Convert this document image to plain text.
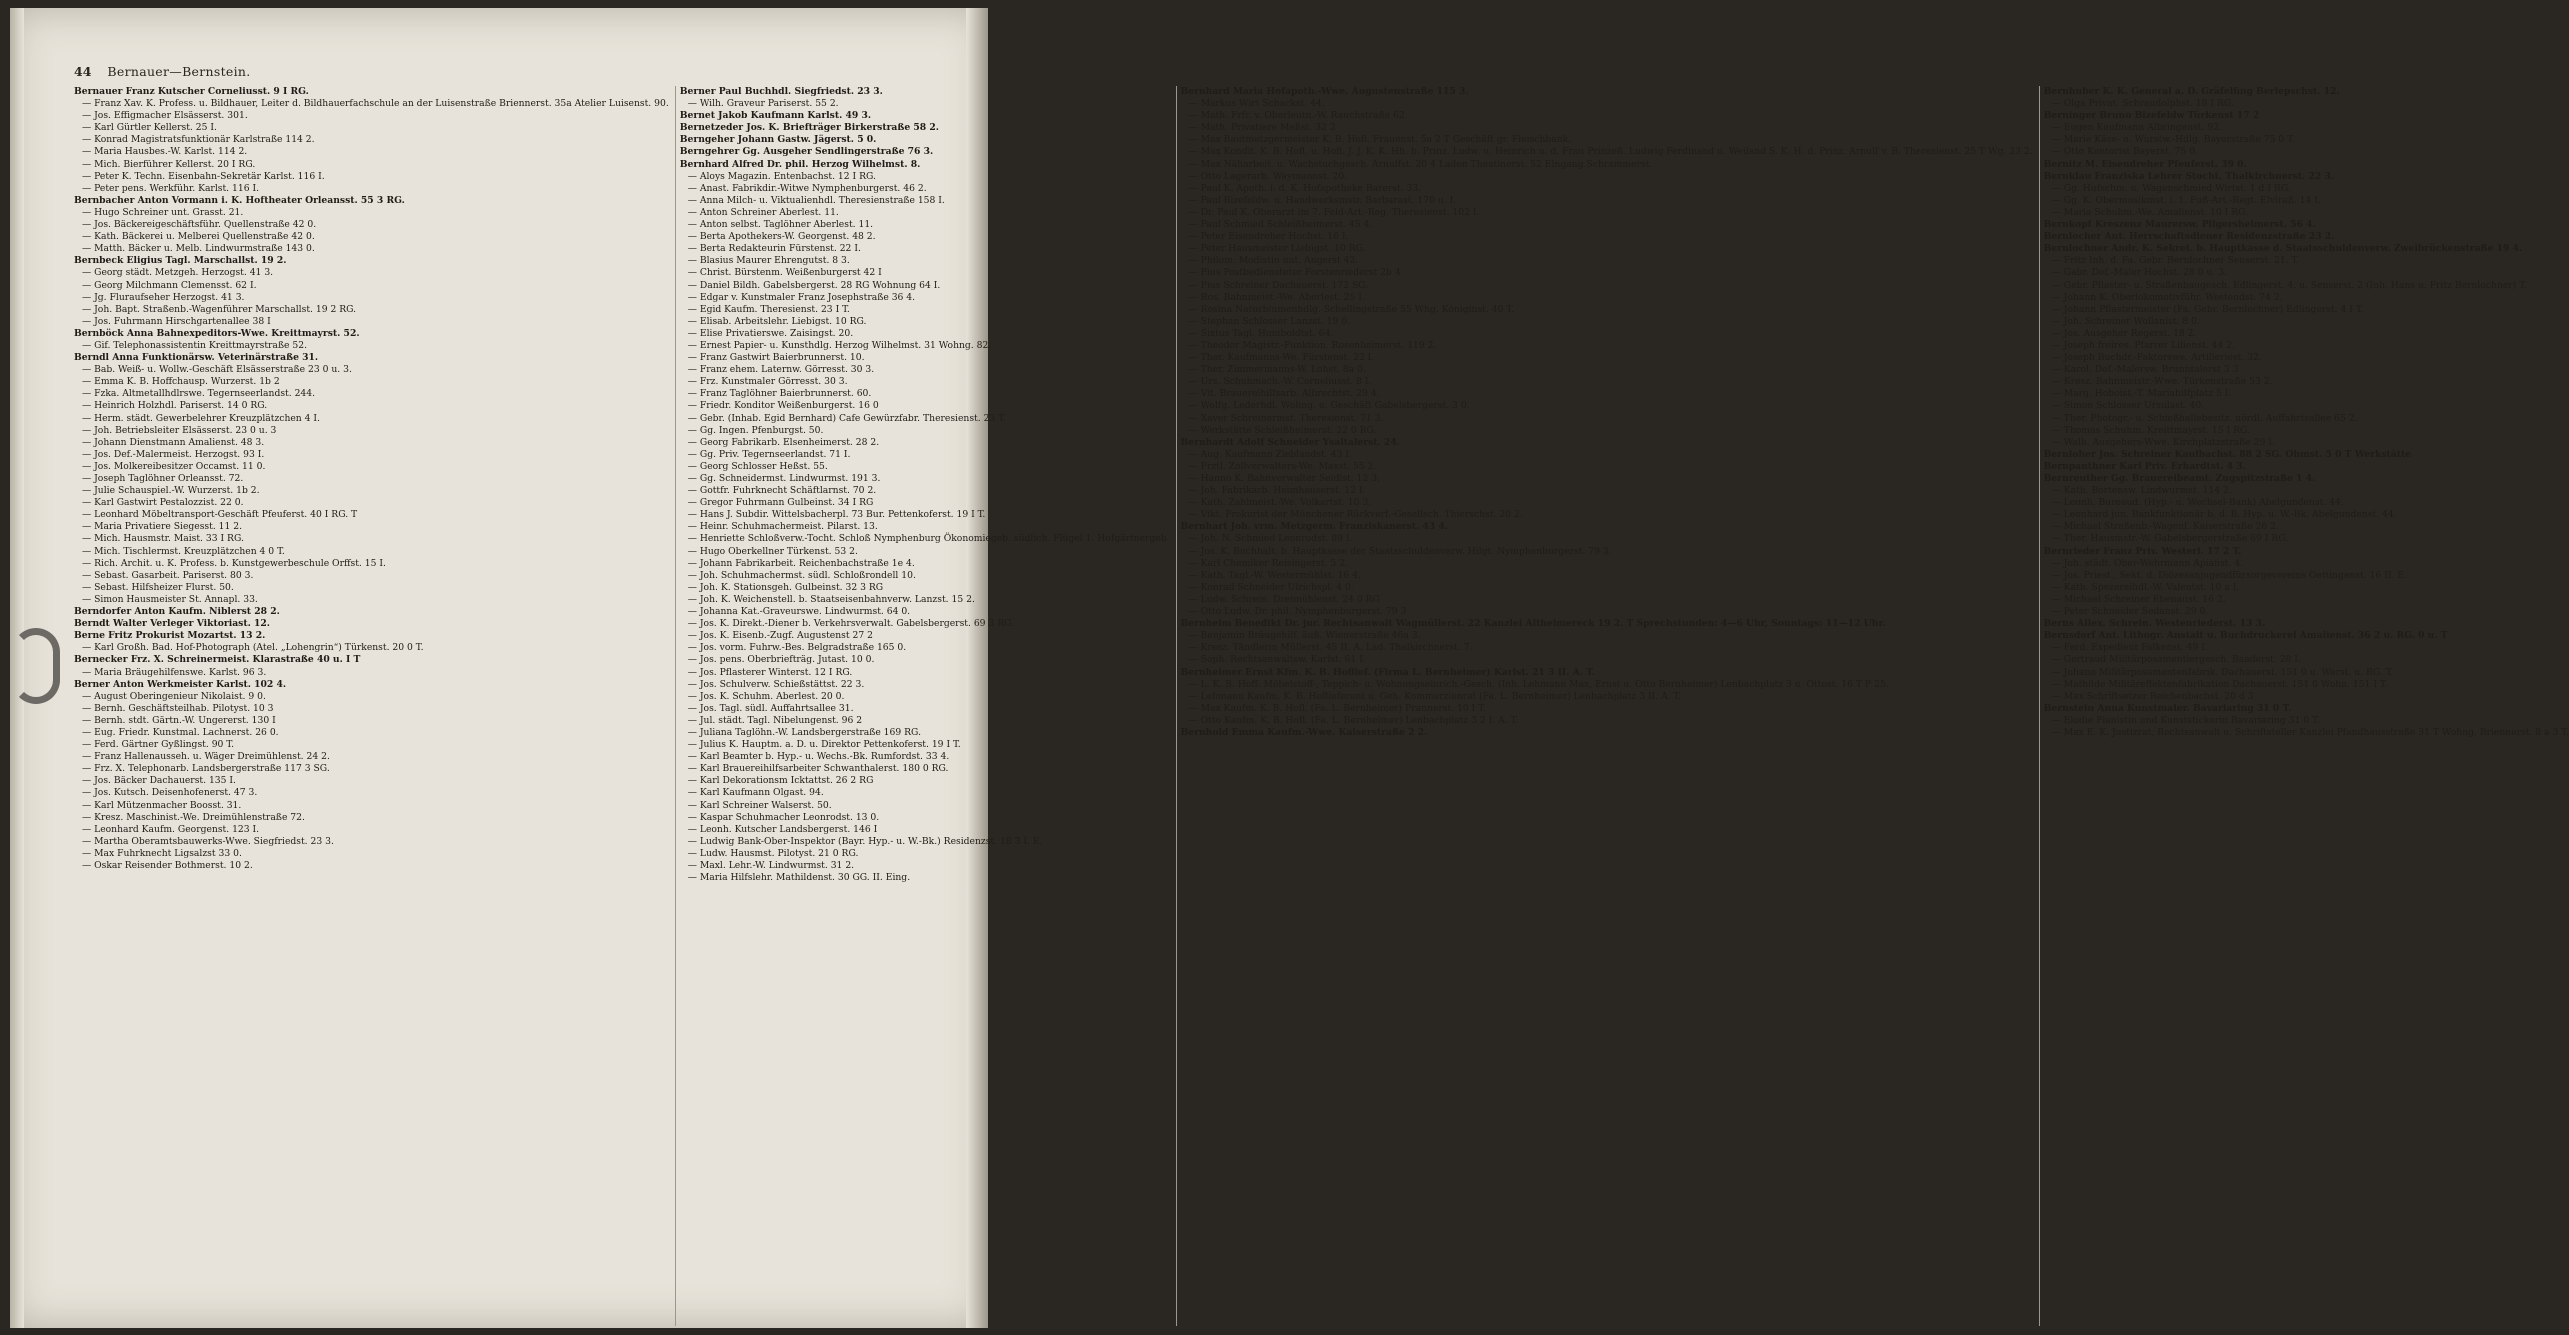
44 Bernauer—Bernstein.
Bernauer Franz Kutscher Corneliusst. 9 I RG.
— Franz Xav. K. Profess. u. Bildhauer, Leiter d. Bildhauerfachschule an der Luisenstraße Briennerst. 35a Atelier Luisenst. 90.
— Jos. Effigmacher Elsässerst. 301.
— Karl Gürtler Kellerst. 25 I.
— Konrad Magistratsfunktionär Karlstraße 114 2.
— Maria Hausbes.-W. Karlst. 114 2.
— Mich. Bierführer Kellerst. 20 I RG.
— Peter K. Techn. Eisenbahn-Sekretär Karlst. 116 I.
— Peter pens. Werkführ. Karlst. 116 I.
Bernbacher Anton Vormann i. K. Hoftheater Orleansst. 55 3 RG.
— Hugo Schreiner unt. Grasst. 21.
— Jos. Bäckereigeschäftsführ. Quellenstraße 42 0.
— Kath. Bäckerei u. Melberei Quellenstraße 42 0.
— Matth. Bäcker u. Melb. Lindwurmstraße 143 0.
Bernbeck Eligius Tagl. Marschallst. 19 2.
— Georg städt. Metzgeh. Herzogst. 41 3.
— Georg Milchmann Clemensst. 62 I.
— Jg. Fluraufseher Herzogst. 41 3.
— Joh. Bapt. Straßenb.-Wagenführer Marschallst. 19 2 RG.
— Jos. Fuhrmann Hirschgartenallee 38 I
Bernböck Anna Bahnexpeditors-Wwe. Kreittmayrst. 52.
— Gif. Telephonassistentin Kreittmayrstraße 52.
Berndl Anna Funktionärsw. Veterinärstraße 31.
— Bab. Weiß- u. Wollw.-Geschäft Elsässerstraße 23 0 u. 3.
— Emma K. B. Hoffchausp. Wurzerst. 1b 2
— Fzka. Altmetallhdlrswe. Tegernseerlandst. 244.
— Heinrich Holzhdl. Pariserst. 14 0 RG.
— Herm. städt. Gewerbelehrer Kreuzplätzchen 4 I.
— Joh. Betriebsleiter Elsässerst. 23 0 u. 3
— Johann Dienstmann Amalienst. 48 3.
— Jos. Def.-Malermeist. Herzogst. 93 I.
— Jos. Molkereibesitzer Occamst. 11 0.
— Joseph Taglöhner Orleansst. 72.
— Julie Schauspiel.-W. Wurzerst. 1b 2.
— Karl Gastwirt Pestalozzist. 22 0.
— Leonhard Möbeltransport-Geschäft Pfeuferst. 40 I RG. T
— Maria Privatiere Siegesst. 11 2.
— Mich. Hausmstr. Maist. 33 I RG.
— Mich. Tischlermst. Kreuzplätzchen 4 0 T.
— Rich. Archit. u. K. Profess. b. Kunstgewerbeschule Orffst. 15 I.
— Sebast. Gasarbeit. Pariserst. 80 3.
— Sebast. Hilfsheizer Flurst. 50.
— Simon Hausmeister St. Annapl. 33.
Berndorfer Anton Kaufm. Niblerst 28 2.
Berndt Walter Verleger Viktoriast. 12.
Berne Fritz Prokurist Mozartst. 13 2.
— Karl Großh. Bad. Hof-Photograph (Atel. „Lohengrin“) Türkenst. 20 0 T.
Bernecker Frz. X. Schreinermeist. Klarastraße 40 u. I T
— Maria Bräugehilfenswe. Karlst. 96 3.
Berner Anton Werkmeister Karlst. 102 4.
— August Oberingenieur Nikolaist. 9 0.
— Bernh. Geschäftsteilhab. Pilotyst. 10 3
— Bernh. stdt. Gärtn.-W. Ungererst. 130 I
— Eug. Friedr. Kunstmal. Lachnerst. 26 0.
— Ferd. Gärtner Gyßlingst. 90 T.
— Franz Hallenausseh. u. Wäger Dreimühlenst. 24 2.
— Frz. X. Telephonarb. Landsbergerstraße 117 3 SG.
— Jos. Bäcker Dachauerst. 135 I.
— Jos. Kutsch. Deisenhofenerst. 47 3.
— Karl Mützenmacher Boosst. 31.
— Kresz. Maschinist.-We. Dreimühlenstraße 72.
— Leonhard Kaufm. Georgenst. 123 I.
— Martha Oberamtsbauwerks-Wwe. Siegfriedst. 23 3.
— Max Fuhrknecht Ligsalzst 33 0.
— Oskar Reisender Bothmerst. 10 2.
Berner Paul Buchhdl. Siegfriedst. 23 3.
— Wilh. Graveur Pariserst. 55 2.
Bernet Jakob Kaufmann Karlst. 49 3.
Bernetzeder Jos. K. Briefträger Birkerstraße 58 2.
Berngeher Johann Gastw. Jägerst. 5 0.
Berngehrer Gg. Ausgeher Sendlingerstraße 76 3.
Bernhard Alfred Dr. phil. Herzog Wilhelmst. 8.
— Aloys Magazin. Entenbachst. 12 I RG.
— Anast. Fabrikdir.-Witwe Nymphenburgerst. 46 2.
— Anna Milch- u. Viktualienhdl. Theresienstraße 158 I.
— Anton Schreiner Aberlest. 11.
— Anton selbst. Taglöhner Aberlest. 11.
— Berta Apothekers-W. Georgenst. 48 2.
— Berta Redakteurin Fürstenst. 22 I.
— Blasius Maurer Ehrengutst. 8 3.
— Christ. Bürstenm. Weißenburgerst 42 I
— Daniel Bildh. Gabelsbergerst. 28 RG Wohnung 64 I.
— Edgar v. Kunstmaler Franz Josephstraße 36 4.
— Egid Kaufm. Theresienst. 23 I T.
— Elisab. Arbeitslehr. Liebigst. 10 RG.
— Elise Privatierswe. Zaisingst. 20.
— Ernest Papier- u. Kunsthdlg. Herzog Wilhelmst. 31 Wohng. 82.
— Franz Gastwirt Baierbrunnerst. 10.
— Franz ehem. Laternw. Görresst. 30 3.
— Frz. Kunstmaler Görresst. 30 3.
— Franz Taglöhner Baierbrunnerst. 60.
— Friedr. Konditor Weißenburgerst. 16 0
— Gebr. (Inhab. Egid Bernhard) Cafe Gewürzfabr. Theresienst. 23 T.
— Gg. Ingen. Pfenburgst. 50.
— Georg Fabrikarb. Elsenheimerst. 28 2.
— Gg. Priv. Tegernseerlandst. 71 I.
— Georg Schlosser Heßst. 55.
— Gg. Schneidermst. Lindwurmst. 191 3.
— Gottfr. Fuhrknecht Schäftlarnst. 70 2.
— Gregor Fuhrmann Gulbeinst. 34 I RG
— Hans J. Subdir. Wittelsbacherpl. 73 Bur. Pettenkoferst. 19 I T.
— Heinr. Schuhmachermeist. Pilarst. 13.
— Henriette Schloßverw.-Tocht. Schloß Nymphenburg Ökonomiegeb. südlich. Flügel 1. Hofgärtnergeb.
— Hugo Oberkellner Türkenst. 53 2.
— Johann Fabrikarbeit. Reichenbachstraße 1e 4.
— Joh. Schuhmachermst. südl. Schloßrondell 10.
— Joh. K. Stationsgeh. Gulbeinst. 32 3 RG
— Joh. K. Weichenstell. b. Staatseisenbahnverw. Lanzst. 15 2.
— Johanna Kat.-Graveurswe. Lindwurmst. 64 0.
— Jos. K. Direkt.-Diener b. Verkehrsverwalt. Gabelsbergerst. 69 3 RG.
— Jos. K. Eisenb.-Zugf. Augustenst 27 2
— Jos. vorm. Fuhrw.-Bes. Belgradstraße 165 0.
— Jos. pens. Oberbriefträg. Jutast. 10 0.
— Jos. Pflasterer Winterst. 12 I RG.
— Jos. Schulverw. Schießstättst. 22 3.
— Jos. K. Schuhm. Aberlest. 20 0.
— Jos. Tagl. südl. Auffahrtsallee 31.
— Jul. städt. Tagl. Nibelungenst. 96 2
— Juliana Taglöhn.-W. Landsbergerstraße 169 RG.
— Julius K. Hauptm. a. D. u. Direktor Pettenkoferst. 19 I T.
— Karl Beamter b. Hyp.- u. Wechs.-Bk. Rumfordst. 33 4.
— Karl Brauereihilfsarbeiter Schwanthalerst. 180 0 RG.
— Karl Dekorationsm Icktattst. 26 2 RG
— Karl Kaufmann Olgast. 94.
— Karl Schreiner Walserst. 50.
— Kaspar Schuhmacher Leonrodst. 13 0.
— Leonh. Kutscher Landsbergerst. 146 I
— Ludwig Bank-Ober-Inspektor (Bayr. Hyp.- u. W.-Bk.) Residenzst. 18 3 I. E.
— Ludw. Hausmst. Pilotyst. 21 0 RG.
— Maxl. Lehr.-W. Lindwurmst. 31 2.
— Maria Hilfslehr. Mathildenst. 30 GG. II. Eing.
Bernhard Maria Hofapoth.-Wwe. Augustenstraße 115 3.
— Markus Wirt Schackst. 44.
— Math. Frfr. v. Oberleutn.-W. Rauchstraße 62.
— Math. Privatiere Meßst. 32 2
— Max Bautmetzgermeister K. B. Hofl. Frauenst. 5a 2 T Geschäft gr. Fleischbank.
— Max Kondit. K. B. Hofl. u. Hofl. J. J. K. K. Hh. b. Prinz. Ludw. u. Heinrich u. d. Frau Prinzeß. Ludwig Ferdinand u. Weiland S. K. H. d. Prinz. Arnulf v. B. Theresienst. 25 T Wg. 23 2.
— Max Näharbeit. u. Wachstuchgesch. Arnulfst. 20 4 Laden Theatinerst. 52 Eingang Schrammerst.
— Otto Lagerarb. Waymannst. 20.
— Paul K. Apoth. i. d. K. Hofapotheke Barerst. 33.
— Paul Bizefeldw. u. Handwerksmstr. Barbarast. 170 u. I.
— Dr. Paul K. Oberarzt im 7. Feld-Art.-Reg. Theresienst. 102 I.
— Paul Schmied Schleißheimerst. 45 4.
— Peter Eisendreher Hochst. 16 I.
— Peter Hausmeister Liebigst. 10 RG.
— Philom. Modistin unt. Angerst 42.
— Pius Postbediensteter Forstenriederst 2b 4
— Pius Schreiner Dachauerst. 172 SG.
— Ros. Bahnmeist.-We. Aberlest. 25 I.
— Rosina Naturblumenhdlg. Schellingstraße 55 Whg. Königinst. 40 T.
— Stephan Schlosser Lanzst. 19 0.
— Sixtus Tagl. Humboldtst. 64.
— Theodor Magistr.-Funktion. Rosenheimerst. 119 2.
— Ther. Kaufmanns-We. Fürstenst. 22 I.
— Ther. Zimmermanns-W. Lohst. 8a 0.
— Urs. Schuhmach.-W. Corneliusst. 8 I.
— Vit. Brauereihilfsarb. Albrechtst. 29 4.
— Wolfg. Lederhdl. Wohng. u. Geschäft Gabelsbergerst. 3 0.
— Xaver Schreinermst. Theresienst. 71 3.
— Werkstätte Schleißheimerst. 22 0 RG.
Bernhardt Adolf Schneider Ysaltalerst. 24.
— Aug. Kaufmann Zieblandst. 43 I.
— Frztl. Zollverwalters-We. Maxst. 55 2.
— Hanno K. Bahnverwalter Seidlst. 12 3.
— Joh. Fabrikarb. Heimhauserst. 12 I.
— Kath. Zahlmeist.-We. Volkartst. 10 3.
— Vikt. Prokurist der Münchener Rückverf.-Gesellsch. Thierschst. 20 2.
Bernhart Joh. vrm. Metzgerm. Franziskanerst. 43 4.
— Joh. N. Schmied Leonrodst. 89 I.
— Jos. K. Buchhalt. b. Hauptkasse der Staatsschuldenverw. Hilgt. Nymphenburgerst. 79 3.
— Karl Chemiker Reisingerst. 5 2.
— Kath. Tagl.-W. Westermühlst. 16 4.
— Konrad Schneider Ulrichspl. 4 0.
— Ludw. Schrein. Dreimühlenst. 24 0 RG
— Otto Ludw. Dr. phil. Nymphenburgerst. 79 3
Bernheim Benedikt Dr. jur. Rechtsanwalt Wagmüllerst. 22 Kanzlei Altheimereck 19 2. T Sprechstunden: 4—6 Uhr, Sonntags: 11—12 Uhr.
— Benjamin Bräugehilf. äuß. Wienerstraße 46a 3.
— Kresz. Tändlerin Müllerst. 45 II. A. Lad. Thalkirchnerst. 7.
— Soph. Rechtsanwaltsw. Karlst. 61 I.
Bernheimer Ernst Kfm. K. B. Hoflief. (Firma L. Bernheimer) Karlst. 21 3 II. A. T.
— L. K. B. Hoff. Möbelstoff-, Teppich- u. Wohnungseinrich.-Gesch. (Inh. Lehmann Max, Ernst u. Otto Bernheimer) Lenbachplatz 3 u. Ottost. 16 T P 25.
— Lehmann Kaufm. K. B. Hoflieferant u. Geh. Kommerzienrat (Fa. L. Bernheimer) Lenbachplatz 3 II. A. T.
— Max Kaufm. K. B. Hofl. (Fa. L. Bernheimer) Prannerst. 10 I T.
— Otto Kaufm. K. B. Hofl. (Fa. L. Bernheimer) Lenbachplatz 3 2 I. A. T.
Bernhold Emma Kaufm.-Wwe. Kaiserstraße 2 2.
Bernhuber K. K. General a. D. Gräfelfing Berlepschst. 12.
— Olga Privat. Schraudolphst. 18 I RG.
Berninger Bruno Bizefeldw Türkenst 17 2
— Eugen Kaufmann Albringenst. 92.
— Marie Käse- u. Wurstw.-Hdlg. Bayerstraße 75 0 T.
— Otto Kontorist Bayerst. 75 0.
Bernitz M. Eisendreher Pfeuferst. 39 0.
Bernklau Franziska Lehrer Stocht. Thalkirchnerst. 22 3.
— Gg. Hufschm. u. Wagenschmied Wirtst. 1 d I RG.
— Gg. K. Obermusikmst. i. 1. Fuß-Art.-Regt. Elviraß. 14 I.
— Maria Schuhm.-We. Amalienst. 10 I RG.
Bernkopf Kreszenz Maurersw. Pilgersheimerst. 56 4.
Bernlocher Ant. Herrschaftsdiener Residenzstraße 23 2.
Bernlochner Andr. K. Sekret. b. Hauptkasse d. Staatsschuldenverw. Zweibrückenstraße 19 4.
— Fritz Inh. d. Fa. Gebr. Bernlochner Senserst. 21. T.
— Gabr. Def.-Maler Hochst. 28 0 u. 3.
— Gebr. Pflaster- u. Straßenbaugesch. Edlingerst. 4. u. Senserst. 2 (Inh. Hans u. Fritz Bernlochner) T.
— Johann K. Oberlokomotivführ. Westendst. 74 2.
— Johann Pflastermeister (Fa. Gebr. Bernlochner) Edlingerst. 4 I T.
— Joh. Schreiner Wollanist. 8 0.
— Jos. Ausgeher Regerst. 18 2.
— Joseph freires. Pfarrer Lilienst. 44 2.
— Joseph Buchdr.-Faktorswe. Artilleriest. 32.
— Karol. Def.-Malersw. Brunntalerst 3 3
— Kresz. Bahnmeistr.-Wwe. Türkenstraße 53 2.
— Marg. Hoboist.-T. Mariahilfplatz 5 I.
— Simon Schlosser Ursulast. 40.
— Ther. Photogr.- u. Schießhallebesitz. nördl. Auffahrtsallee 65 2.
— Thomas Schuhm. Kreittmayrst. 15 I RG.
— Walb. Ausgehers-Wwe. Kirchplatzstraße 29 I.
Bernloher Jos. Schreiner Kaulbachst. 88 2 SG. Ohmst. 5 0 T Werkstätte
Bernpanthner Karl Priv. Erhardtst. 4 3.
Bernreuther Gg. Brauereibeamt. Zugspitzstraße 1 4.
— Kath. Bortensw. Lindwurmst. 114 2.
— Leonh. Bureaud. (Hyp.- u. Wechsel-Bank) Abelgundenst. 44.
— Leonhard jun. Bankfunktionär b. d. B. Hyp. u. W.-Bk. Abelgundenst. 44.
— Michael Straßenb.-Wagenf. Kaiserstraße 26 2.
— Ther. Hausmstr.-W. Gabelsbergerstraße 69 I RG.
Bernrieder Franz Priv. Westerl. 17 2 T.
— Joh. städt. Ober-Wehrmann Apianst. 4.
— Jos. Priest., Sekt. d. Diözesanjugendfürsorgevereins Oettingenst. 16 II. E.
— Kath. Spezereihdl.-W. Valentst. 10 a I.
— Michael Schreiner Ebenaust. 16 2.
— Peter Schneider Sedanst. 29 0.
Berns Allex. Schrein. Westenriederst. 13 3.
Bernsdorf Ant. Lithogr. Anstalt u. Buchdruckerei Amalienst. 36 2 u. RG. 0 u. T
— Ferd. Expedient Falkenst. 49 I.
— Gertraud Militärposamentiergesch. Baaderst. 28 I.
— Johann Militärposamentenfabrik. Dachauerst. 151 0 u. Werst. u. RG. T.
— Mathilde Militäreffektenfabrikation Dachauerst. 151 0 Wohn. 151 I T.
— Max Schriftsetzer Reichenbachst. 20 d 3
Bernstein Anna Kunstmaler. Bavariaring 31 0 T.
— Elodie Pianistin und Kunststickerin Bavariaring 31 0 T.
— Max E. K. Justizrat, Rechtsanwalt u. Schriftsteller Kanzlei Pfandhausstraße 31 T Wohng. Briennerst. 8 a 3 T.
